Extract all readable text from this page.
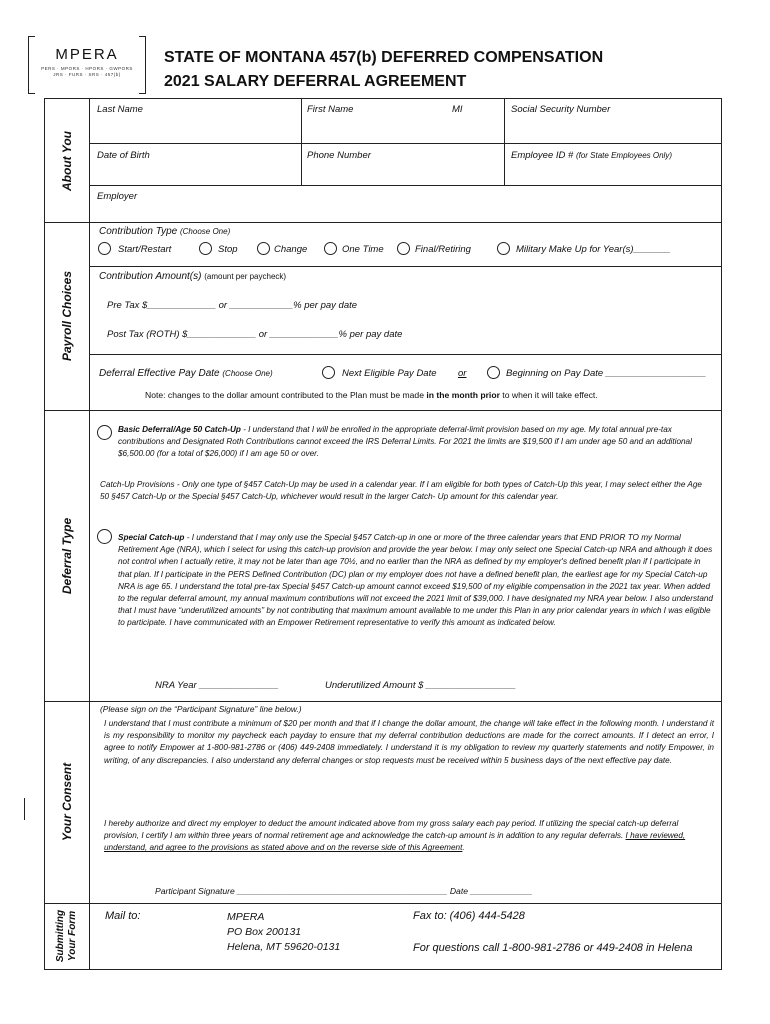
MPERA
PERS · MPORS · HPORS · GWPORS
JRS · FURS · SRS · 457(b)
STATE OF MONTANA 457(b) DEFERRED COMPENSATION
2021 SALARY DEFERRAL AGREEMENT
About You
Last Name	First Name	MI	Social Security Number
Date of Birth	Phone Number	Employee ID # (for State Employees Only)
Employer
Payroll Choices
Contribution Type (Choose One)
Start/Restart	Stop	Change	One Time	Final/Retiring	Military Make Up for Year(s)_______
Contribution Amount(s) (amount per paycheck)
Pre Tax $_____________ or ____________% per pay date
Post Tax (ROTH) $_____________ or _____________% per pay date
Deferral Effective Pay Date (Choose One)	Next Eligible Pay Date or	Beginning on Pay Date ___________________
Note: changes to the dollar amount contributed to the Plan must be made in the month prior to when it will take effect.
Deferral Type
Basic Deferral/Age 50 Catch-Up - I understand that I will be enrolled in the appropriate deferral-limit provision based on my age. My total annual pre-tax contributions and Designated Roth Contributions cannot exceed the IRS Deferral Limits. For 2021 the limits are $19,500 if I am under age 50 and an additional $6,500.00 (for a total of $26,000) if I am age 50 or over.
Catch-Up Provisions - Only one type of §457 Catch-Up may be used in a calendar year. If I am eligible for both types of Catch-Up this year, I may select either the Age 50 §457 Catch-Up or the Special §457 Catch-Up, whichever would result in the larger Catch- Up amount for this calendar year.
Special Catch-up - I understand that I may only use the Special §457 Catch-up in one or more of the three calendar years that END PRIOR TO my Normal Retirement Age (NRA), which I select for using this catch-up provision and provide the year below. I may only select one Special Catch-up NRA and although it does not control when I actually retire, it may not be later than age 70½, and no earlier than the NRA as defined by my employer's defined benefit plan if I participate in that plan. If I participate in the PERS Defined Contribution (DC) plan or my employer does not have a defined benefit plan, the earliest age for my Special Catch-up NRA is age 65. I understand the total pre-tax Special §457 Catch-up amount cannot exceed $19,500 of my eligible compensation in the 2021 tax year. When added to the regular deferral amount, my annual maximum contributions will not exceed the 2021 limit of $39,000. I have designated my NRA year below. I also understand that I must have “underutilized amounts” by not contributing that maximum amount available to me under this Plan in any prior calendar years in which I was eligible to participate. I have communicated with an Empower Retirement representative to verify this amount as indicated below.
NRA Year _______________	Underutilized Amount $ _________________
Your Consent
(Please sign on the “Participant Signature” line below.)
I understand that I must contribute a minimum of $20 per month and that if I change the dollar amount, the change will take effect in the following month. I understand it is my responsibility to monitor my paycheck each payday to ensure that my deferral contribution deductions are made for the correct amounts. If I detect an error, I agree to notify Empower at 1-800-981-2786 or (406) 449-2408 immediately. I understand it is my obligation to review my quarterly statements and notify Empower, in writing, of any discrepancies. I also understand any deferral changes or stop requests must be received within 5 business days of the next effective pay date.
I hereby authorize and direct my employer to deduct the amount indicated above from my gross salary each pay period. If utilizing the special catch-up deferral provision, I certify I am within three years of normal retirement age and acknowledge the catch-up amount is in addition to any regular deferrals. I have reviewed, understand, and agree to the provisions as stated above and on the reverse side of this Agreement.
Participant Signature ____________________________________________ Date _____________
Submitting Your Form Mail to:	MPERA
PO Box 200131
Helena, MT 59620-0131
Fax to: (406) 444-5428
For questions call 1-800-981-2786 or 449-2408 in Helena
